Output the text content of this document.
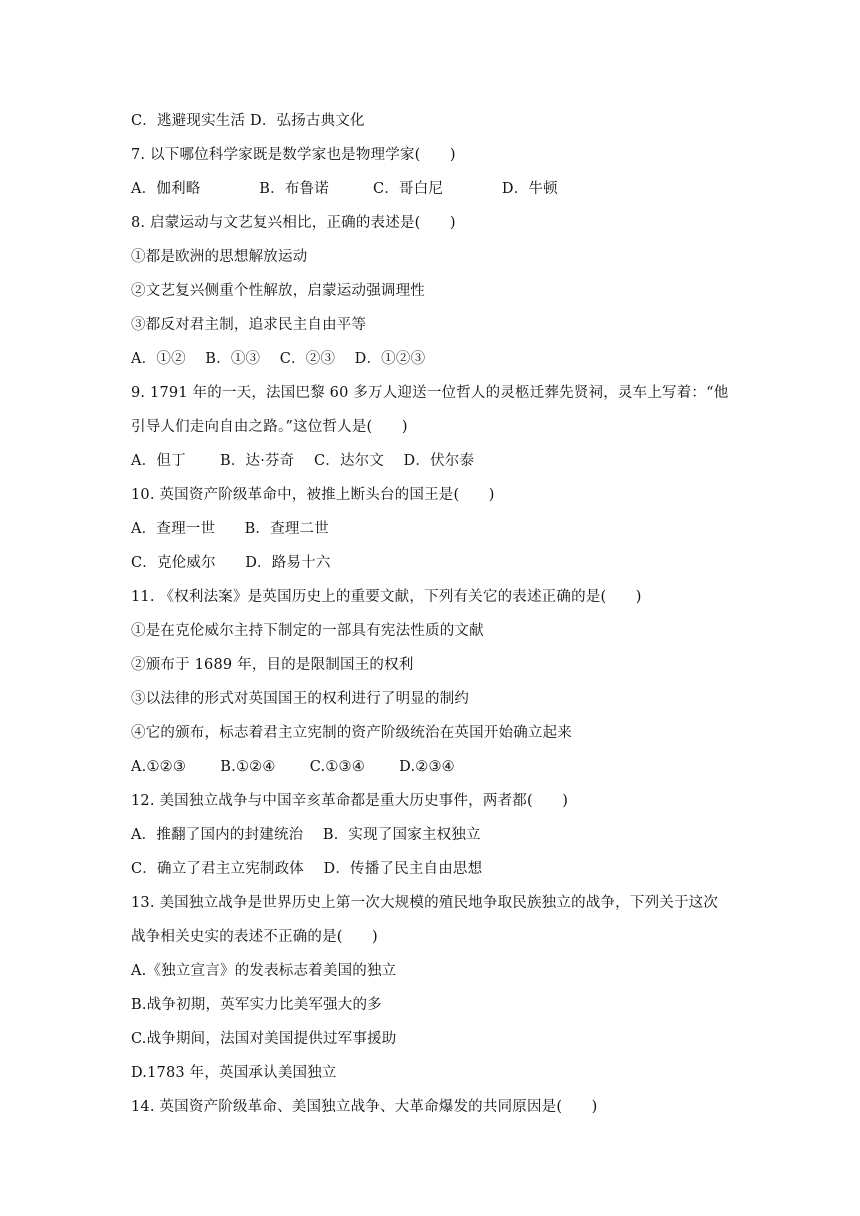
C．逃避现实生活 D．弘扬古典文化
7. 以下哪位科学家既是数学家也是物理学家(　　)
A．伽利略　　　　B．布鲁诺　　　C．哥白尼　　　　D．牛顿
8. 启蒙运动与文艺复兴相比，正确的表述是(　　)
①都是欧洲的思想解放运动
②文艺复兴侧重个性解放，启蒙运动强调理性
③都反对君主制，追求民主自由平等
A．①②　 B．①③　 C．②③　 D．①②③
9. 1791 年的一天，法国巴黎 60 多万人迎送一位哲人的灵柩迁葬先贤祠，灵车上写着：“他
引导人们走向自由之路。”这位哲人是(　　)
A．但丁　　 B．达·芬奇　 C．达尔文　 D．伏尔泰
10. 英国资产阶级革命中，被推上断头台的国王是(　　)
A．查理一世　　B．查理二世
C．克伦威尔　　D．路易十六
11. 《权利法案》是英国历史上的重要文献，下列有关它的表述正确的是(　　)
①是在克伦威尔主持下制定的一部具有宪法性质的文献
②颁布于 1689 年，目的是限制国王的权利
③以法律的形式对英国国王的权利进行了明显的制约
④它的颁布，标志着君主立宪制的资产阶级统治在英国开始确立起来
A.①②③　　 B.①②④　　 C.①③④　　 D.②③④
12. 美国独立战争与中国辛亥革命都是重大历史事件，两者都(　　)
A．推翻了国内的封建统治　 B．实现了国家主权独立
C．确立了君主立宪制政体　 D．传播了民主自由思想
13. 美国独立战争是世界历史上第一次大规模的殖民地争取民族独立的战争，下列关于这次
战争相关史实的表述不正确的是(　　)
A.《独立宣言》的发表标志着美国的独立
B.战争初期，英军实力比美军强大的多
C.战争期间，法国对美国提供过军事援助
D.1783 年，英国承认美国独立
14. 英国资产阶级革命、美国独立战争、大革命爆发的共同原因是(　　)
